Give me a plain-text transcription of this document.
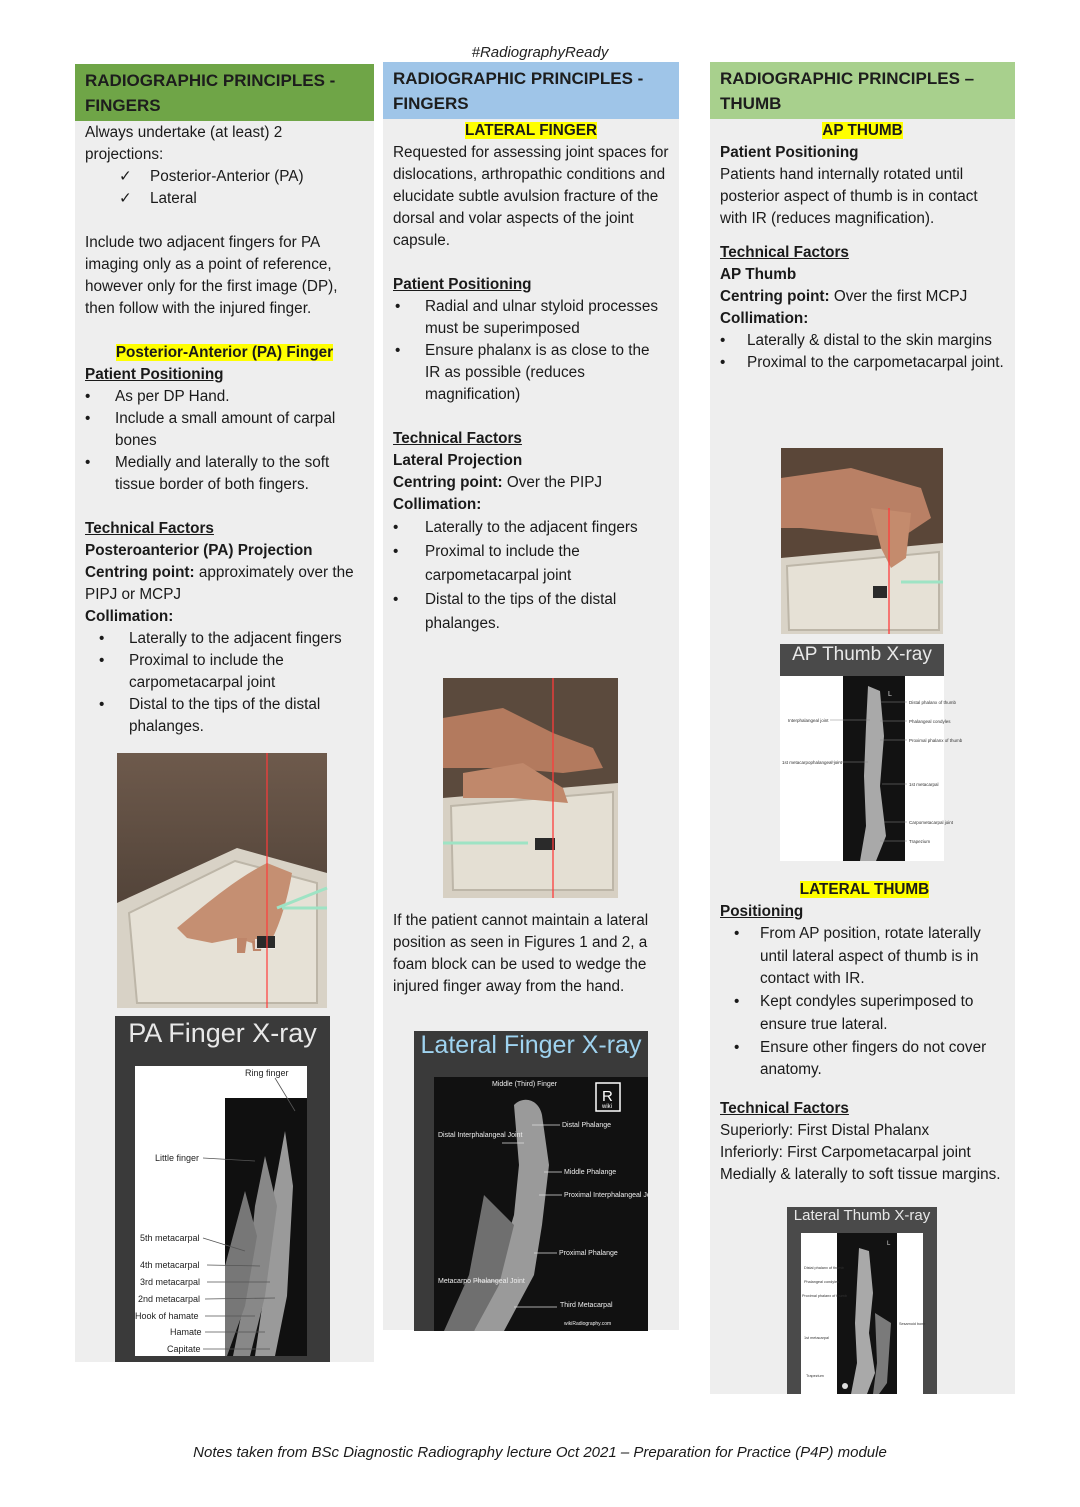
#RadiographyReady
RADIOGRAPHIC PRINCIPLES - FINGERS

Always undertake (at least) 2 projections:

✓ Posterior-Anterior (PA)
✓ Lateral

Include two adjacent fingers for PA imaging only as a point of reference, however only for the first image (DP), then follow with the injured finger.

Posterior-Anterior (PA) Finger

Patient Positioning

• As per DP Hand.
• Include a small amount of carpal bones
• Medially and laterally to the soft tissue border of both fingers.

Technical Factors

Posteroanterior (PA) Projection

Centring point: approximately over the PIPJ or MCPJ

Collimation:

• Laterally to the adjacent fingers
• Proximal to include the carpometacarpal joint
• Distal to the tips of the distal phalanges.
PA Finger X-ray
Ring finger
Little finger
5th metacarpal
4th metacarpal
3rd metacarpal
2nd metacarpal
Hook of hamate
Hamate
Capitate
RADIOGRAPHIC PRINCIPLES - FINGERS

LATERAL FINGER

Requested for assessing joint spaces for dislocations, arthropathic conditions and elucidate subtle avulsion fracture of the dorsal and volar aspects of the joint capsule.

Patient Positioning

• Radial and ulnar styloid processes must be superimposed
• Ensure phalanx is as close to the IR as possible (reduces magnification)

Technical Factors

Lateral Projection

Centring point: Over the PIPJ

Collimation:

• Laterally to the adjacent fingers
• Proximal to include the carpometacarpal joint
• Distal to the tips of the distal phalanges.

If the patient cannot maintain a lateral position as seen in Figures 1 and 2, a foam block can be used to wedge the injured finger away from the hand.

Lateral Finger X-ray
Middle (Third) Finger
Distal Interphalangeal Joint
Distal Phalange
Middle Phalange
Proximal Interphalangeal Joint
Proximal Phalange
Metacarpo Phalangeal Joint
Third Metacarpal
wikiRadiography.com
R
wiki
RADIOGRAPHIC PRINCIPLES – THUMB

AP THUMB

Patient Positioning

Patients hand internally rotated until posterior aspect of thumb is in contact with IR (reduces magnification).

Technical Factors

AP Thumb

Centring point: Over the first MCPJ

Collimation:

• Laterally & distal to the skin margins
• Proximal to the carpometacarpal joint.

LATERAL THUMB

Positioning

• From AP position, rotate laterally until lateral aspect of thumb is in contact with IR.
• Kept condyles superimposed to ensure true lateral.
• Ensure other fingers do not cover anatomy.

Technical Factors

Superiorly: First Distal Phalanx

Inferiorly: First Carpometacarpal joint

Medially & laterally to soft tissue margins.

AP Thumb X-ray
L
Interphalangeal joint
1st metacarpophalangeal joint
Distal phalanx of thumb
Phalangeal condyles
Proximal phalanx of thumb
1st metacarpal
Carpometacarpal joint
Trapezium
Lateral Thumb X-ray
L
Distal phalanx of thumb
Phalangeal condyles
Proximal phalanx of thumb
1st metacarpal
Sesamoid bone
Trapezium
Notes taken from BSc Diagnostic Radiography lecture Oct 2021 – Preparation for Practice (P4P) module
